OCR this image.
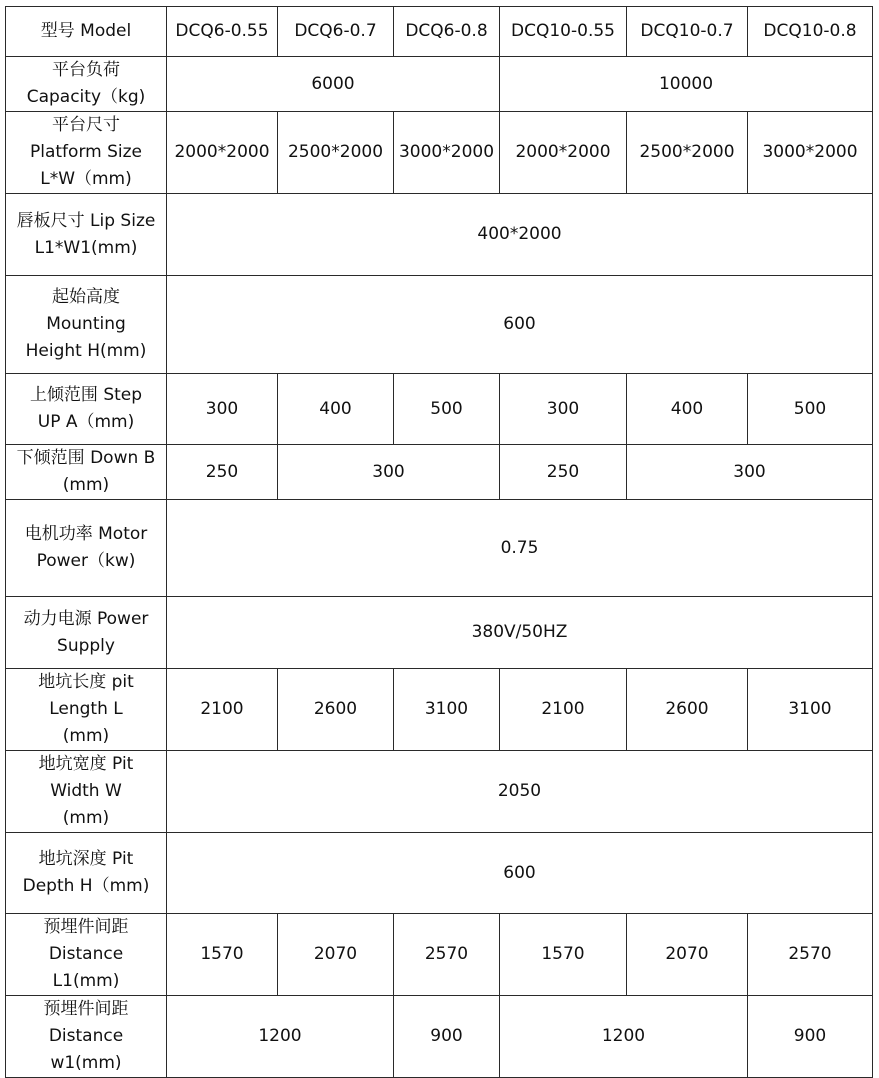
型号 Model	DCQ6-0.55	DCQ6-0.7	DCQ6-0.8	DCQ10-0.55	DCQ10-0.7	DCQ10-0.8
平台负荷
Capacity（kg)	6000			10000		
平台尺寸
Platform Size
L*W（mm)	2000*2000	2500*2000	3000*2000	2000*2000	2500*2000	3000*2000
唇板尺寸 Lip Size
L1*W1(mm)	400*2000					
起始高度
Mounting
Height H(mm)	600					
上倾范围 Step
UP A（mm)	300	400	500	300	400	500
下倾范围 Down B
(mm)	250	300		250	300	
电机功率 Motor
Power（kw)	0.75					
动力电源 Power
Supply	380V/50HZ					
地坑长度 pit
Length L
(mm)	2100	2600	3100	2100	2600	3100
地坑宽度 Pit
Width W
(mm)	2050					
地坑深度 Pit
Depth H（mm)	600					
预埋件间距
Distance
L1(mm)	1570	2070	2570	1570	2070	2570
预埋件间距
Distance
w1(mm)	1200		900	1200		900
